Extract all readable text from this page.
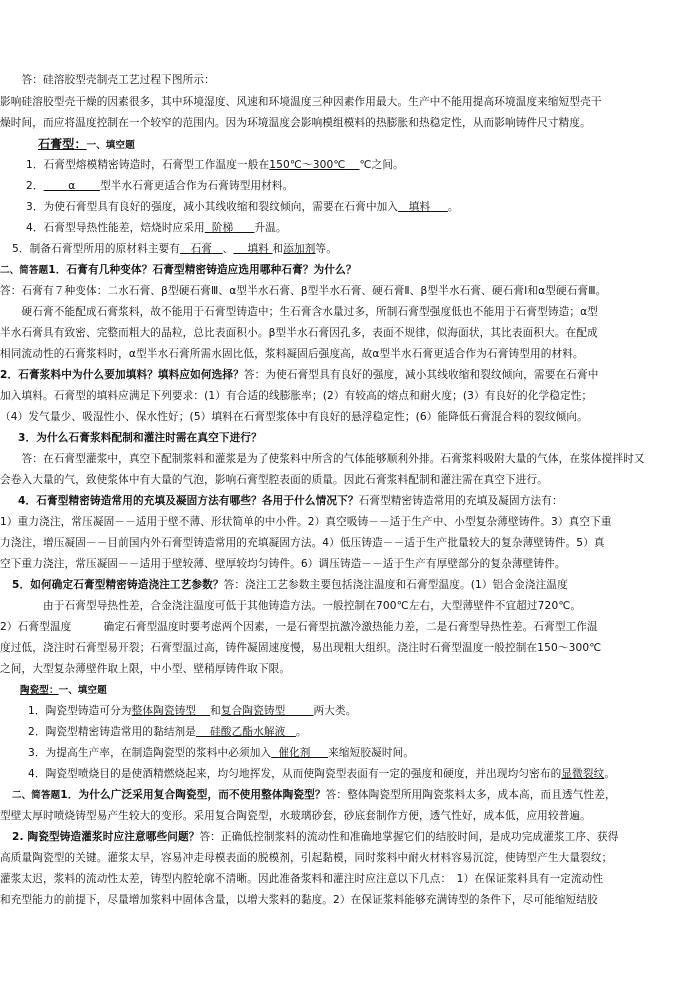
　　答：硅溶胶型壳制壳工艺过程下图所示：
影响硅溶胶型壳干燥的因素很多，其中环境湿度、风速和环境温度三种因素作用最大。生产中不能用提高环境温度来缩短型壳干
燥时间，而应将温度控制在一个较窄的范围内。因为环境温度会影响模组模料的热膨胀和热稳定性，从而影响铸件尺寸精度。
石膏型：一、填空题
1．石膏型熔模精密铸造时，石膏型工作温度一般在150℃～300℃ ℃之间。
2． α 型半水石膏更适合作为石膏铸型用材料。
3．为使石膏型具有良好的强度，减小其线收缩和裂纹倾向，需要在石膏中加入 填料 。
4．石膏型导热性能差，焙烧时应采用 阶梯 升温。
5．制备石膏型所用的原材料主要有 石膏 、 填料 和添加剂等。
二、简答题1．石膏有几种变体？石膏型精密铸造应选用哪种石膏？为什么？
答：石膏有７种变体：二水石膏、β型硬石膏Ⅲ、α型半水石膏、β型半水石膏、硬石膏Ⅱ、β型半水石膏、硬石膏Ⅰ和α型硬石膏Ⅲ。
　　硬石膏不能配成石膏浆料，故不能用于石膏型铸造中；生石膏含水量过多，所制石膏型强度低也不能用于石膏型铸造；α型
半水石膏具有致密、完整而粗大的晶粒，总比表面积小。β型半水石膏因孔多，表面不规律，似海面状，其比表面积大。在配成
相同流动性的石膏浆料时，α型半水石膏所需水固比低，浆料凝固后强度高，故α型半水石膏更适合作为石膏铸型用的材料。
2．石膏浆料中为什么要加填料？填料应如何选择？答：为使石膏型具有良好的强度，减小其线收缩和裂纹倾向，需要在石膏中
加入填料。石膏型的填料应满足下列要求：(1）有合适的线膨胀率；(2）有较高的熔点和耐火度；(3）有良好的化学稳定性；
（4）发气量少、吸湿性小、保水性好；(5）填料在石膏型浆体中有良好的悬浮稳定性；(6）能降低石膏混合料的裂纹倾向。
3．为什么石膏浆料配制和灌注时需在真空下进行？
　　答：在石膏型灌浆中，真空下配制浆料和灌浆是为了使浆料中所含的气体能够顺利外排。石膏浆料吸附大量的气体，在浆体搅拌时又
会卷入大量的气，致使浆体中有大量的气泡，影响石膏型腔表面的质量。因此石膏浆料配制和灌注需在真空下进行。
4．石膏型精密铸造常用的充填及凝固方法有哪些？各用于什么情况下？石膏型精密铸造常用的充填及凝固方法有：
1）重力浇注，常压凝固－－适用于壁不薄、形状简单的中小件。2）真空吸铸－－适于生产中、小型复杂薄壁铸件。3）真空下重
力浇注，增压凝固－－目前国内外石膏型铸造常用的充填凝固方法。4）低压铸造－－适于生产批量较大的复杂薄壁铸件。5）真
空下重力浇注，常压凝固－－适用于壁较薄、壁厚较均匀铸件。6）调压铸造－－适于生产有厚壁部分的复杂薄壁铸件。
5．如何确定石膏型精密铸造浇注工艺参数？答：浇注工艺参数主要包括浇注温度和石膏型温度。(1）铝合金浇注温度
　　　　由于石膏型导热性差，合金浇注温度可低于其他铸造方法。一般控制在700℃左右，大型薄壁件不宜超过720℃。
2）石膏型温度　　　确定石膏型温度时要考虑两个因素，一是石膏型抗激冷激热能力差，二是石膏型导热性差。石膏型工作温
度过低，浇注时石膏型易开裂；石膏型温过高，铸件凝固速度慢，易出现粗大组织。浇注时石膏型温度一般控制在150～300℃
之间，大型复杂薄壁件取上限，中小型、壁稍厚铸件取下限。
陶瓷型：一、填空题
1．陶瓷型铸造可分为整体陶瓷铸型 和复合陶瓷铸型	两大类。
2．陶瓷型精密铸造常用的黏结剂是 硅酸乙酯水解液 。
3．为提高生产率，在制造陶瓷型的浆料中必须加入 催化剂 来缩短胶凝时间。
4．陶瓷型喷烧目的是使酒精燃烧起来，均匀地挥发，从而使陶瓷型表面有一定的强度和硬度，并出现均匀密布的显微裂纹。
二、简答题1．为什么广泛采用复合陶瓷型，而不使用整体陶瓷型？答：整体陶瓷型所用陶瓷浆料太多，成本高，而且透气性差，
型壁太厚时喷烧铸型易产生较大的变形。采用复合陶瓷型，水玻璃砂套，砂底套制作方便，透气性好，成本低，应用较普遍。
2. 陶瓷型铸造灌浆时应注意哪些问题？答：正确低控制浆料的流动性和准确地掌握它们的结胶时间，是成功完成灌浆工序、获得
高质量陶瓷型的关键。灌浆太早，容易冲走母模表面的脱模剂，引起黏模，同时浆料中耐火材料容易沉淀，使铸型产生大量裂纹；
灌浆太迟，浆料的流动性太差，铸型内腔轮廓不清晰。因此准备浆料和灌注时应注意以下几点：　1）在保证浆料具有一定流动性
和充型能力的前提下，尽量增加浆料中固体含量，以增大浆料的黏度。2）在保证浆料能够充满铸型的条件下，尽可能缩短结胶
